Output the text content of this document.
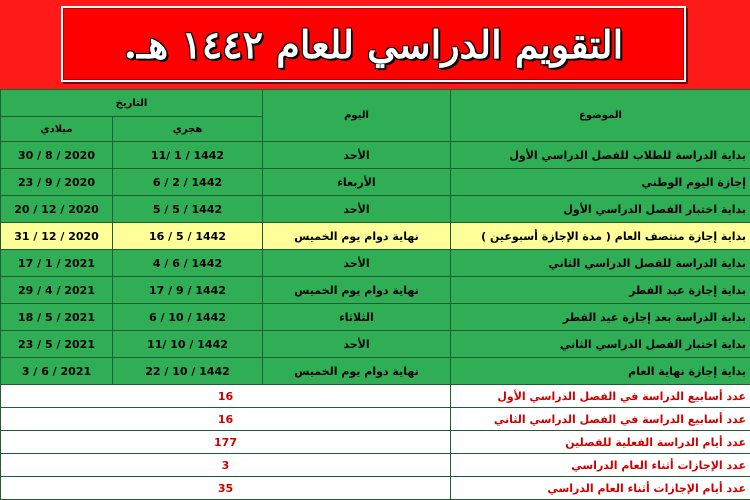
التقويم الدراسي للعام ١٤٤٢ هـ.
الموضوع	اليوم	التاريخ	
		هجري	ميلادي
بداية الدراسة للطلاب للفصل الدراسي الأول	الأحد	1442 / 1 /11	2020 / 8 / 30
إجازة اليوم الوطني	الأربعاء	1442 / 2 / 6	2020 / 9 / 23
بداية اختبار الفصل الدراسي الأول	الأحد	1442 / 5 / 5	2020 / 12 / 20
بداية إجازة منتصف العام ( مدة الإجازة أسبوعين )	نهاية دوام يوم الخميس	1442 / 5 / 16	2020 / 12 / 31
بداية الدراسة للفصل الدراسي الثاني	الأحد	1442 / 6 / 4	2021 / 1 / 17
بداية إجازة عيد الفطر	نهاية دوام يوم الخميس	1442 / 9 / 17	2021 / 4 / 29
بداية الدراسة بعد إجازة عيد الفطر	الثلاثاء	1442 / 10 / 6	2021 / 5 / 18
بداية اختبار الفصل الدراسي الثاني	الأحد	1442 / 10 /11	2021 / 5 / 23
بداية إجازة نهاية العام	نهاية دوام يوم الخميس	1442 / 10 / 22	2021 / 6 / 3
عدد أسابيع الدراسة في الفصل الدراسي الأول	16		
عدد أسابيع الدراسة في الفصل الدراسي الثاني	16		
عدد أيام الدراسة الفعلية للفصلين	177		
عدد الإجازات أثناء العام الدراسي	3		
عدد أيام الإجازات أثناء العام الدراسي	35		
